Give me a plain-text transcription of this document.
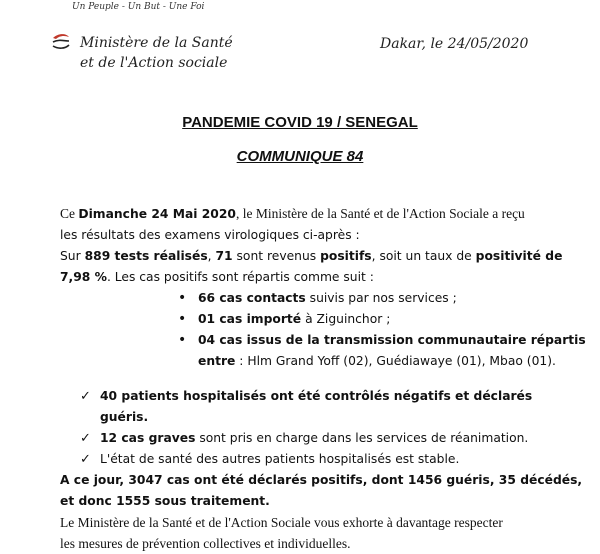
Un Peuple - Un But - Une Foi
Ministère de la Santé
et de l'Action sociale
Dakar, le 24/05/2020
PANDEMIE COVID 19 / SENEGAL
COMMUNIQUE 84
Ce Dimanche 24 Mai 2020, le Ministère de la Santé et de l'Action Sociale a reçu
les résultats des examens virologiques ci-après :
Sur 889 tests réalisés, 71 sont revenus positifs, soit un taux de positivité de
7,98 %. Les cas positifs sont répartis comme suit :
• 66 cas contacts suivis par nos services ;
• 01 cas importé à Ziguinchor ;
• 04 cas issus de la transmission communautaire répartis
entre : Hlm Grand Yoff (02), Guédiawaye (01), Mbao (01).
✓ 40 patients hospitalisés ont été contrôlés négatifs et déclarés guéris.
✓ 12 cas graves sont pris en charge dans les services de réanimation.
✓ L'état de santé des autres patients hospitalisés est stable.
A ce jour, 3047 cas ont été déclarés positifs, dont 1456 guéris, 35 décédés,
et donc 1555 sous traitement.
Le Ministère de la Santé et de l'Action Sociale vous exhorte à davantage respecter
les mesures de prévention collectives et individuelles.
